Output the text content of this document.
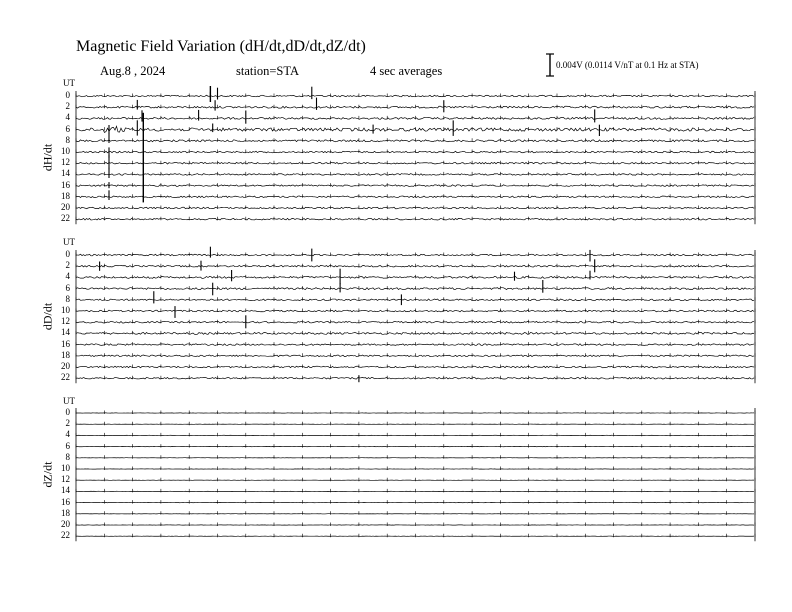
Magnetic Field Variation (dH/dt,dD/dt,dZ/dt)
Aug.8 , 2024	station=STA	4 sec averages	0.004V (0.0114 V/nT at 0.1 Hz at STA)
UT
dH/dt
0
2
4
6
8
10
12
14
16
18
20
22
UT
dD/dt
0
2
4
6
8
10
12
14
16
18
20
22
UT
dZ/dt
0
2
4
6
8
10
12
14
16
18
20
22
